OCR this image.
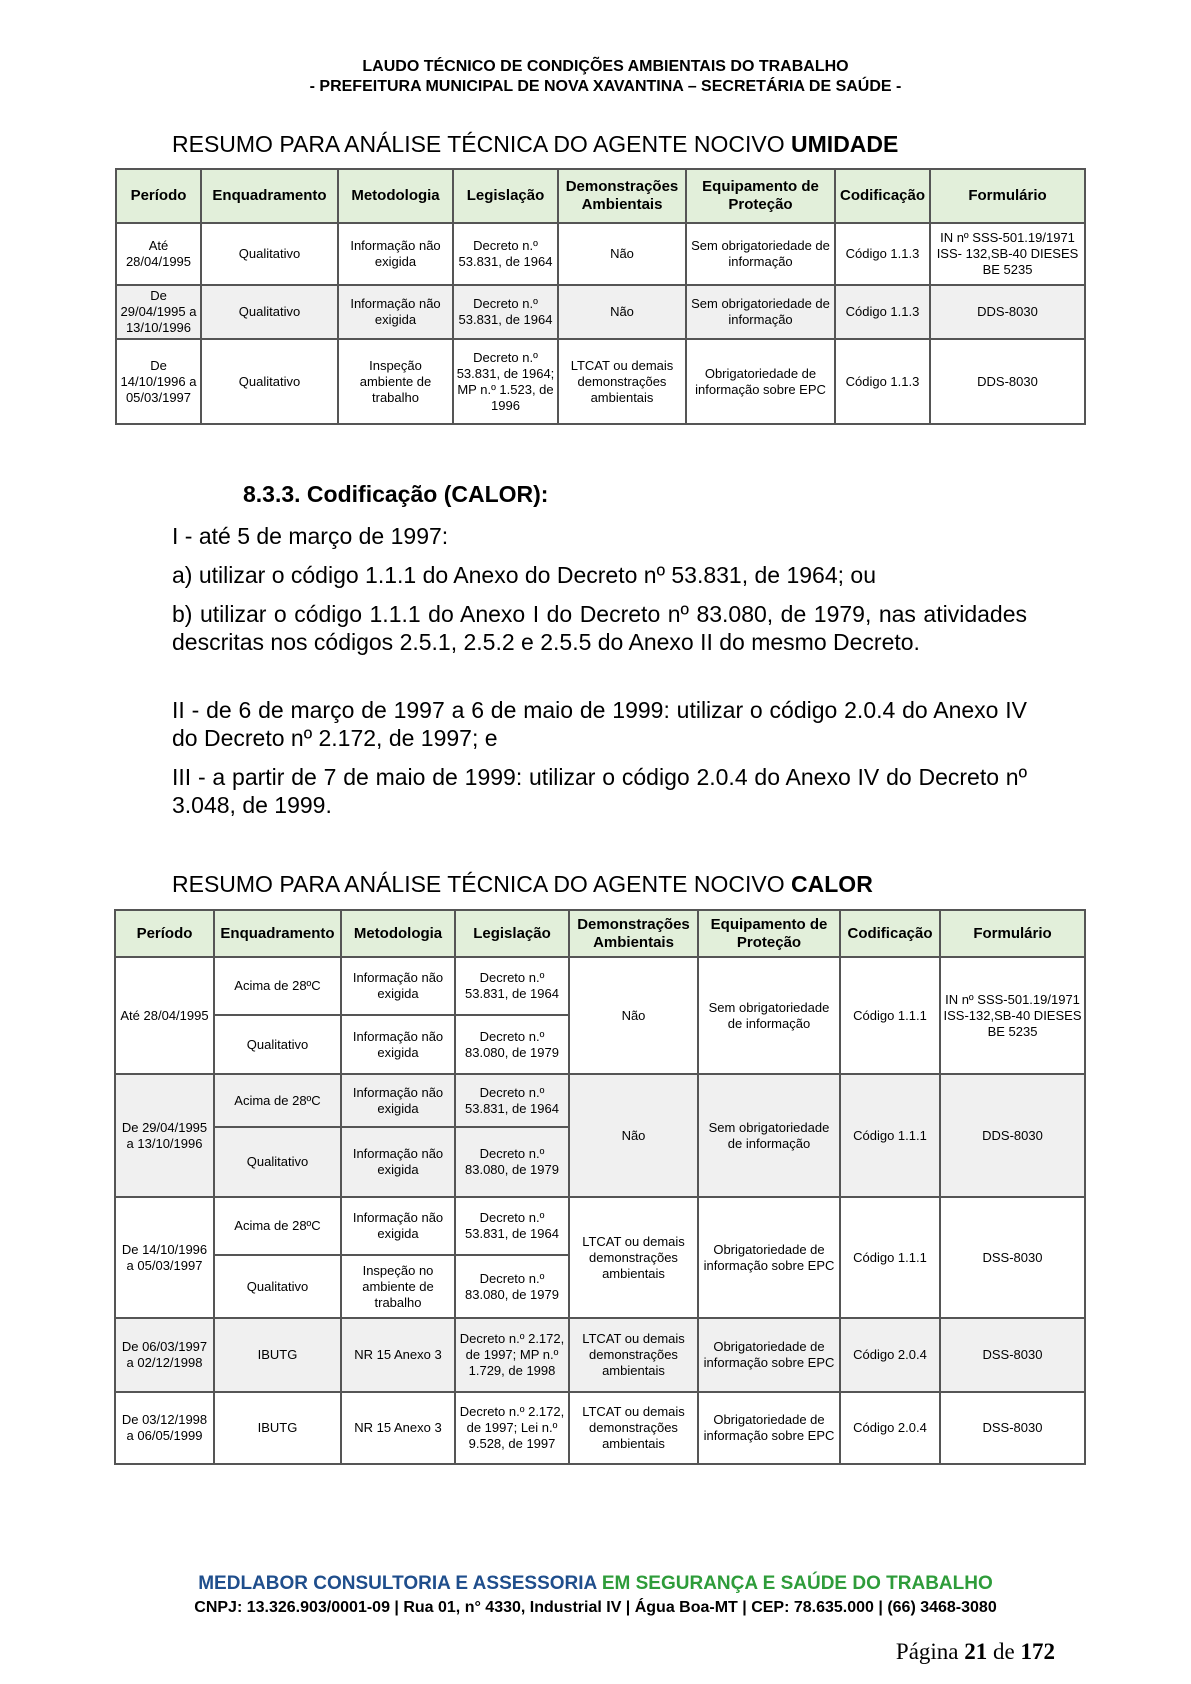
LAUDO TÉCNICO DE CONDIÇÕES AMBIENTAIS DO TRABALHO
- PREFEITURA MUNICIPAL DE NOVA XAVANTINA – SECRETÁRIA DE SAÚDE -
RESUMO PARA ANÁLISE TÉCNICA DO AGENTE NOCIVO UMIDADE
Período	Enquadramento	Metodologia	Legislação	Demonstrações Ambientais	Equipamento de Proteção	Codificação	Formulário
Até 28/04/1995	Qualitativo	Informação não exigida	Decreto n.º 53.831, de 1964	Não	Sem obrigatoriedade de informação	Código 1.1.3	IN nº SSS-501.19/1971 ISS- 132,SB-40 DIESES BE 5235
De 29/04/1995 a 13/10/1996	Qualitativo	Informação não exigida	Decreto n.º 53.831, de 1964	Não	Sem obrigatoriedade de informação	Código 1.1.3	DDS-8030
De 14/10/1996 a 05/03/1997	Qualitativo	Inspeção ambiente de trabalho	Decreto n.º 53.831, de 1964; MP n.º 1.523, de 1996	LTCAT ou demais demonstrações ambientais	Obrigatoriedade de informação sobre EPC	Código 1.1.3	DDS-8030
8.3.3. Codificação (CALOR):
I - até 5 de março de 1997:
a) utilizar o código 1.1.1 do Anexo do Decreto nº 53.831, de 1964; ou
b) utilizar o código 1.1.1 do Anexo I do Decreto nº 83.080, de 1979, nas atividades descritas nos códigos 2.5.1, 2.5.2 e 2.5.5 do Anexo II do mesmo Decreto.
II - de 6 de março de 1997 a 6 de maio de 1999: utilizar o código 2.0.4 do Anexo IV do Decreto nº 2.172, de 1997; e
III - a partir de 7 de maio de 1999: utilizar o código 2.0.4 do Anexo IV do Decreto nº 3.048, de 1999.
RESUMO PARA ANÁLISE TÉCNICA DO AGENTE NOCIVO CALOR
Período	Enquadramento	Metodologia	Legislação	Demonstrações Ambientais	Equipamento de Proteção	Codificação	Formulário
Até 28/04/1995	Acima de 28ºC	Informação não exigida	Decreto n.º 53.831, de 1964	Não	Sem obrigatoriedade de informação	Código 1.1.1	IN nº SSS-501.19/1971 ISS-132,SB-40 DIESES BE 5235
	Qualitativo	Informação não exigida	Decreto n.º 83.080, de 1979				
De 29/04/1995 a 13/10/1996	Acima de 28ºC	Informação não exigida	Decreto n.º 53.831, de 1964	Não	Sem obrigatoriedade de informação	Código 1.1.1	DDS-8030
	Qualitativo	Informação não exigida	Decreto n.º 83.080, de 1979				
De 14/10/1996 a 05/03/1997	Acima de 28ºC	Informação não exigida	Decreto n.º 53.831, de 1964	LTCAT ou demais demonstrações ambientais	Obrigatoriedade de informação sobre EPC	Código 1.1.1	DSS-8030
	Qualitativo	Inspeção no ambiente de trabalho	Decreto n.º 83.080, de 1979				
De 06/03/1997 a 02/12/1998	IBUTG	NR 15 Anexo 3	Decreto n.º 2.172, de 1997; MP n.º 1.729, de 1998	LTCAT ou demais demonstrações ambientais	Obrigatoriedade de informação sobre EPC	Código 2.0.4	DSS-8030
De 03/12/1998 a 06/05/1999	IBUTG	NR 15 Anexo 3	Decreto n.º 2.172, de 1997; Lei n.º 9.528, de 1997	LTCAT ou demais demonstrações ambientais	Obrigatoriedade de informação sobre EPC	Código 2.0.4	DSS-8030
MEDLABOR CONSULTORIA E ASSESSORIA EM SEGURANÇA E SAÚDE DO TRABALHO
CNPJ: 13.326.903/0001-09 | Rua 01, n° 4330, Industrial IV | Água Boa-MT | CEP: 78.635.000 | (66) 3468-3080
Página 21 de 172
